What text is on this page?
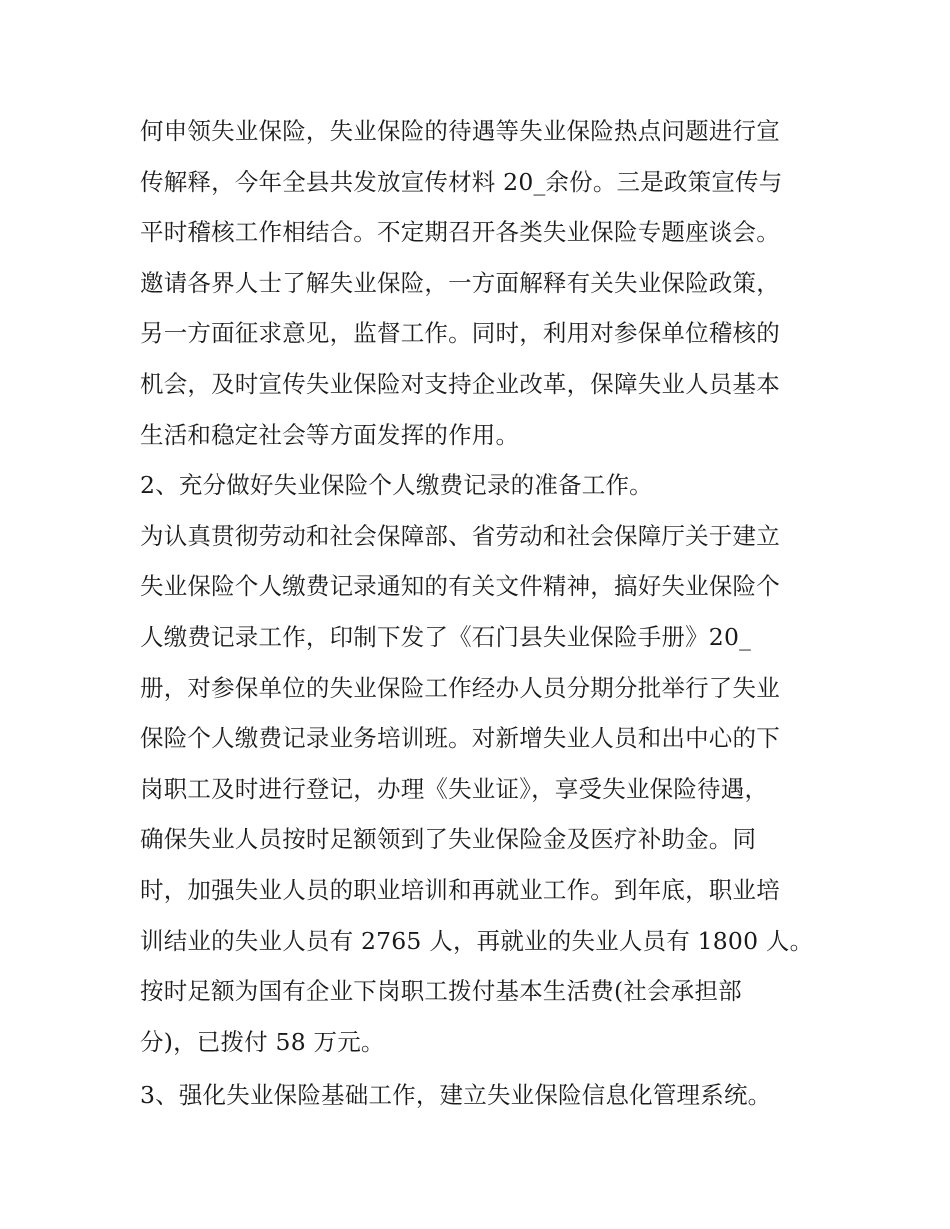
何申领失业保险，失业保险的待遇等失业保险热点问题进行宣
传解释，今年全县共发放宣传材料 20_余份。三是政策宣传与
平时稽核工作相结合。不定期召开各类失业保险专题座谈会。
邀请各界人士了解失业保险，一方面解释有关失业保险政策，
另一方面征求意见，监督工作。同时，利用对参保单位稽核的
机会，及时宣传失业保险对支持企业改革，保障失业人员基本
生活和稳定社会等方面发挥的作用。
2、充分做好失业保险个人缴费记录的准备工作。
为认真贯彻劳动和社会保障部、省劳动和社会保障厅关于建立
失业保险个人缴费记录通知的有关文件精神，搞好失业保险个
人缴费记录工作，印制下发了《石门县失业保险手册》20_
册，对参保单位的失业保险工作经办人员分期分批举行了失业
保险个人缴费记录业务培训班。对新增失业人员和出中心的下
岗职工及时进行登记，办理《失业证》，享受失业保险待遇，
确保失业人员按时足额领到了失业保险金及医疗补助金。同
时，加强失业人员的职业培训和再就业工作。到年底，职业培
训结业的失业人员有 2765 人，再就业的失业人员有 1800 人。
按时足额为国有企业下岗职工拨付基本生活费(社会承担部
分)，已拨付 58 万元。
3、强化失业保险基础工作，建立失业保险信息化管理系统。
